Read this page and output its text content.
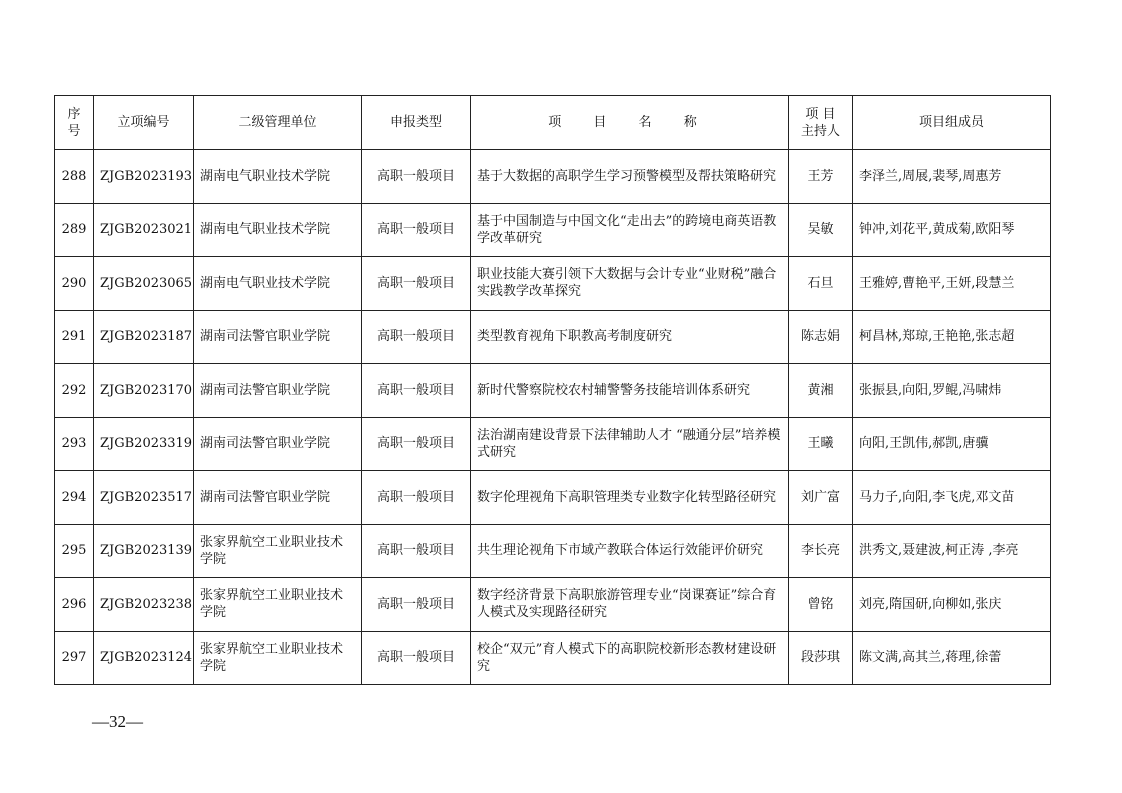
序号	立项编号	二级管理单位	申报类型	项 目 名 称	项 目 主持人	项目组成员
288	ZJGB2023193	湖南电气职业技术学院	高职一般项目	基于大数据的高职学生学习预警模型及帮扶策略研究	王芳	李泽兰,周展,裴琴,周惠芳
289	ZJGB2023021	湖南电气职业技术学院	高职一般项目	基于中国制造与中国文化“走出去”的跨境电商英语教学改革研究	吴敏	钟冲,刘花平,黄成菊,欧阳琴
290	ZJGB2023065	湖南电气职业技术学院	高职一般项目	职业技能大赛引领下大数据与会计专业“业财税”融合实践教学改革探究	石旦	王雅婷,曹艳平,王妍,段慧兰
291	ZJGB2023187	湖南司法警官职业学院	高职一般项目	类型教育视角下职教高考制度研究	陈志娟	柯昌林,郑琼,王艳艳,张志超
292	ZJGB2023170	湖南司法警官职业学院	高职一般项目	新时代警察院校农村辅警警务技能培训体系研究	黄湘	张振县,向阳,罗鲲,冯啸炜
293	ZJGB2023319	湖南司法警官职业学院	高职一般项目	法治湖南建设背景下法律辅助人才 “融通分层”培养模式研究	王曦	向阳,王凯伟,郝凯,唐骥
294	ZJGB2023517	湖南司法警官职业学院	高职一般项目	数字伦理视角下高职管理类专业数字化转型路径研究	刘广富	马力子,向阳,李飞虎,邓文苗
295	ZJGB2023139	张家界航空工业职业技术学院	高职一般项目	共生理论视角下市域产教联合体运行效能评价研究	李长亮	洪秀文,聂建波,柯正涛 ,李亮
296	ZJGB2023238	张家界航空工业职业技术学院	高职一般项目	数字经济背景下高职旅游管理专业“岗课赛证”综合育人模式及实现路径研究	曾铭	刘亮,隋国研,向柳如,张庆
297	ZJGB2023124	张家界航空工业职业技术学院	高职一般项目	校企“双元”育人模式下的高职院校新形态教材建设研究	段莎琪	陈文满,高其兰,蒋理,徐蕾
—32—
